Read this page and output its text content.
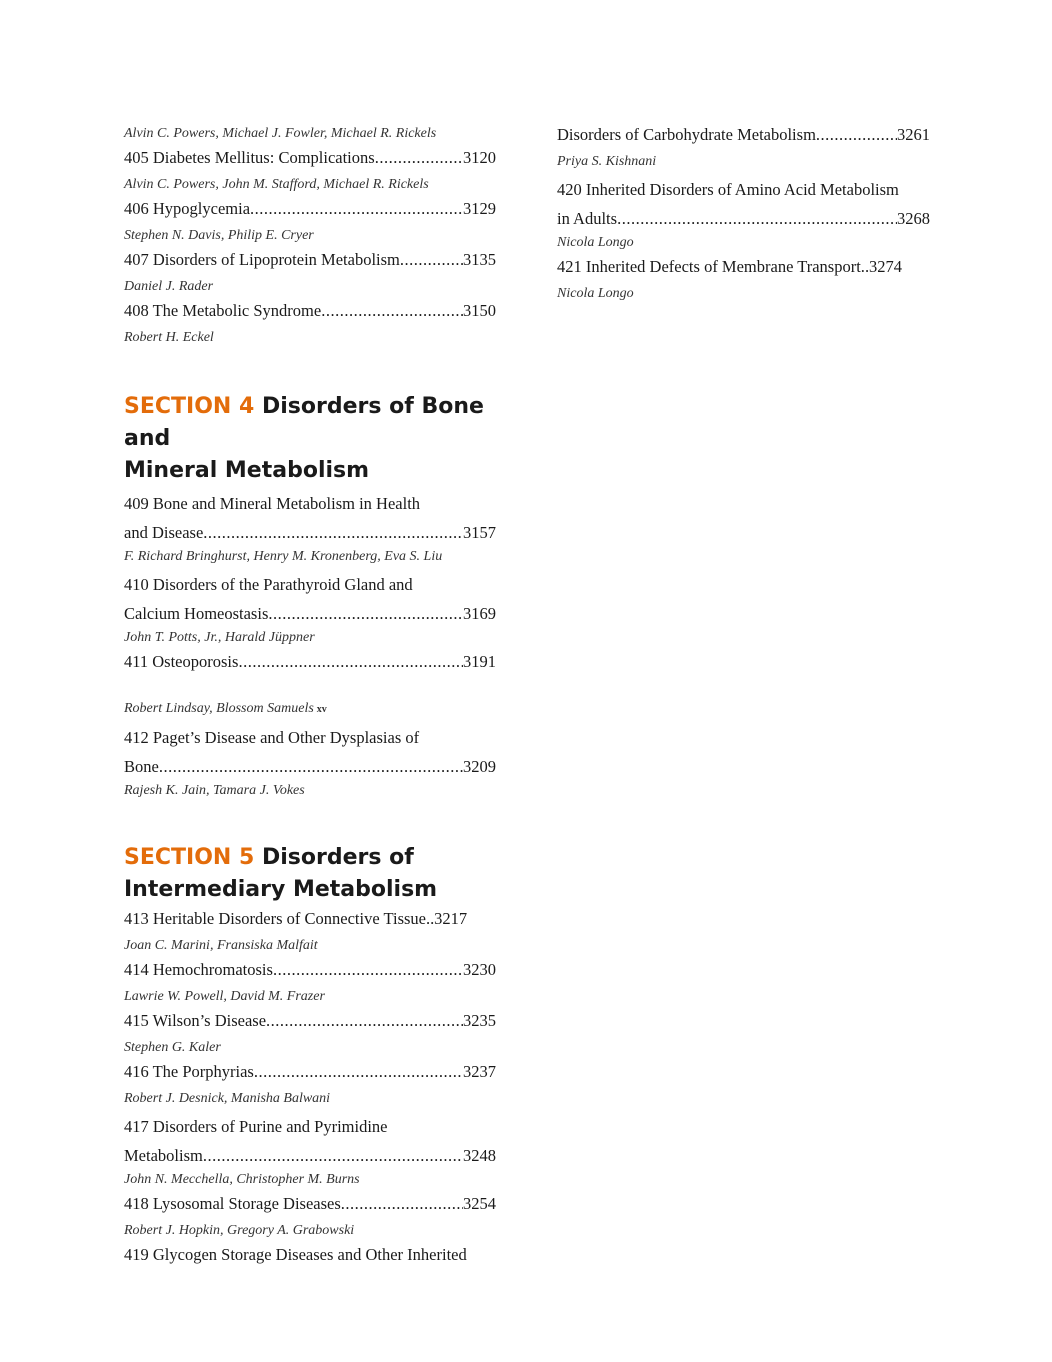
Alvin C. Powers, Michael J. Fowler, Michael R. Rickels
405 Diabetes Mellitus: Complications .....	3120
Alvin C. Powers, John M. Stafford, Michael R. Rickels
406 Hypoglycemia .....	3129
Stephen N. Davis, Philip E. Cryer
407 Disorders of Lipoprotein Metabolism .....	3135
Daniel J. Rader
408 The Metabolic Syndrome .....	3150
Robert H. Eckel
SECTION 4 Disorders of Bone and
Mineral Metabolism
409 Bone and Mineral Metabolism in Health
and Disease .....	3157
F. Richard Bringhurst, Henry M. Kronenberg, Eva S. Liu
410 Disorders of the Parathyroid Gland and
Calcium Homeostasis .....	3169
John T. Potts, Jr., Harald Jüppner
411 Osteoporosis .....	3191
Robert Lindsay, Blossom Samuels xv
412 Paget’s Disease and Other Dysplasias of
Bone .....	3209
Rajesh K. Jain, Tamara J. Vokes
SECTION 5 Disorders of
Intermediary Metabolism
413 Heritable Disorders of Connective Tissue. ..... 3217
Joan C. Marini, Fransiska Malfait
414 Hemochromatosis .....	3230
Lawrie W. Powell, David M. Frazer
415 Wilson’s Disease .....	3235
Stephen G. Kaler
416 The Porphyrias .....	3237
Robert J. Desnick, Manisha Balwani
417 Disorders of Purine and Pyrimidine
Metabolism .....	3248
John N. Mecchella, Christopher M. Burns
418 Lysosomal Storage Diseases .....	3254
Robert J. Hopkin, Gregory A. Grabowski
419 Glycogen Storage Diseases and Other Inherited
Disorders of Carbohydrate Metabolism .....	3261
Priya S. Kishnani
420 Inherited Disorders of Amino Acid Metabolism
in Adults .....	3268
Nicola Longo
421 Inherited Defects of Membrane Transport. ..... 3274
Nicola Longo
